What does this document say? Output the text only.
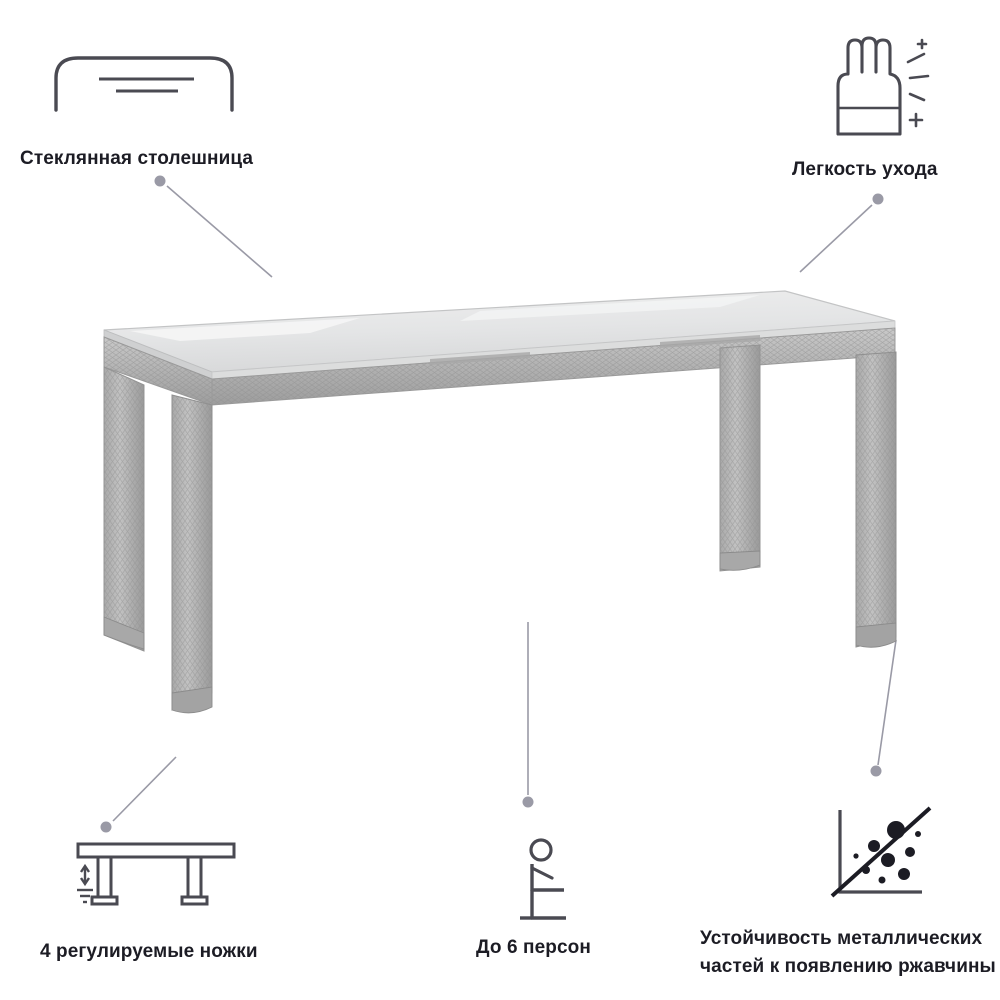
Стеклянная столешница
Легкость ухода
4 регулируемые ножки	До 6 персон	Устойчивость металлических частей к появлению ржавчины
